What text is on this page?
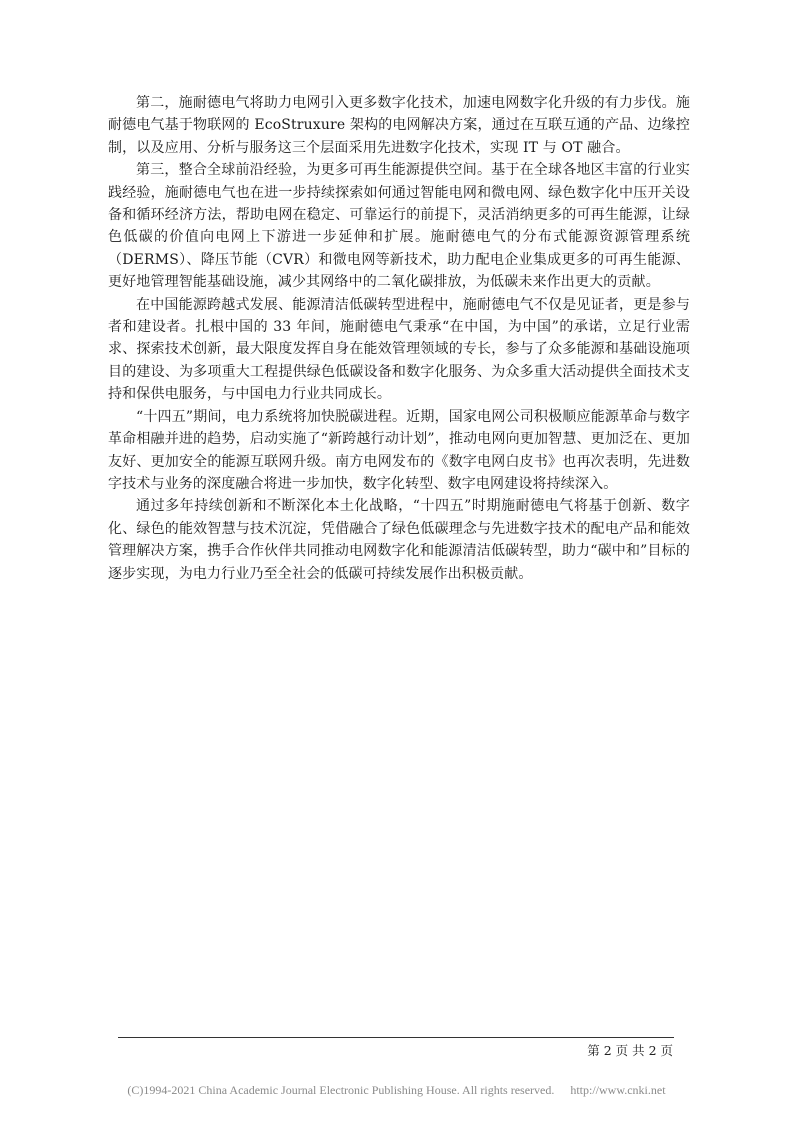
第二，施耐德电气将助力电网引入更多数字化技术，加速电网数字化升级的有力步伐。施耐德电气基于物联网的 EcoStruxure 架构的电网解决方案，通过在互联互通的产品、边缘控制，以及应用、分析与服务这三个层面采用先进数字化技术，实现 IT 与 OT 融合。

第三，整合全球前沿经验，为更多可再生能源提供空间。基于在全球各地区丰富的行业实践经验，施耐德电气也在进一步持续探索如何通过智能电网和微电网、绿色数字化中压开关设备和循环经济方法，帮助电网在稳定、可靠运行的前提下，灵活消纳更多的可再生能源，让绿色低碳的价值向电网上下游进一步延伸和扩展。施耐德电气的分布式能源资源管理系统（DERMS）、降压节能（CVR）和微电网等新技术，助力配电企业集成更多的可再生能源、更好地管理智能基础设施，减少其网络中的二氧化碳排放，为低碳未来作出更大的贡献。

在中国能源跨越式发展、能源清洁低碳转型进程中，施耐德电气不仅是见证者，更是参与者和建设者。扎根中国的 33 年间，施耐德电气秉承“在中国，为中国”的承诺，立足行业需求、探索技术创新，最大限度发挥自身在能效管理领域的专长，参与了众多能源和基础设施项目的建设、为多项重大工程提供绿色低碳设备和数字化服务、为众多重大活动提供全面技术支持和保供电服务，与中国电力行业共同成长。

“十四五”期间，电力系统将加快脱碳进程。近期，国家电网公司积极顺应能源革命与数字革命相融并进的趋势，启动实施了“新跨越行动计划”，推动电网向更加智慧、更加泛在、更加友好、更加安全的能源互联网升级。南方电网发布的《数字电网白皮书》也再次表明，先进数字技术与业务的深度融合将进一步加快，数字化转型、数字电网建设将持续深入。

通过多年持续创新和不断深化本土化战略，“十四五”时期施耐德电气将基于创新、数字化、绿色的能效智慧与技术沉淀，凭借融合了绿色低碳理念与先进数字技术的配电产品和能效管理解决方案，携手合作伙伴共同推动电网数字化和能源清洁低碳转型，助力“碳中和”目标的逐步实现，为电力行业乃至全社会的低碳可持续发展作出积极贡献。

第 2 页 共 2 页
(C)1994-2021 China Academic Journal Electronic Publishing House. All rights reserved. http://www.cnki.net
